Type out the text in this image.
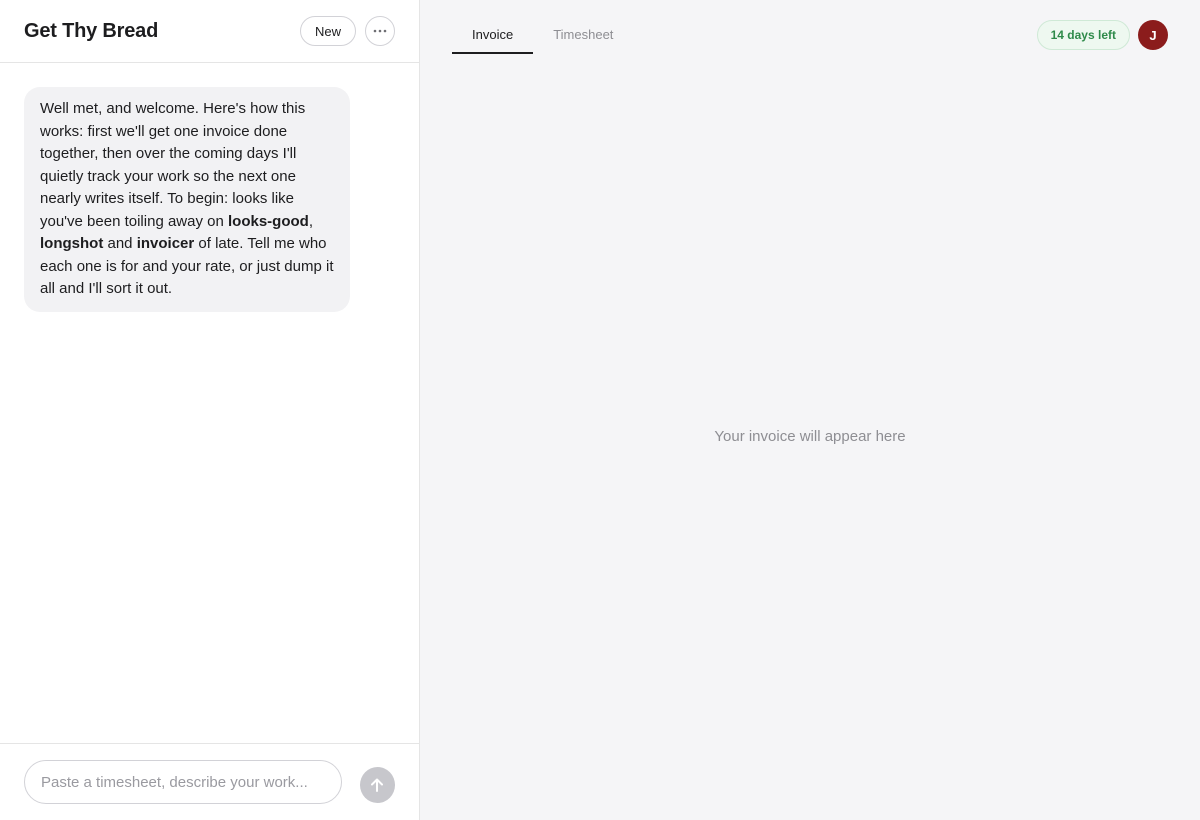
Get Thy Bread	New
Well met, and welcome. Here's how this works: first we'll get one invoice done together, then over the coming days I'll quietly track your work so the next one nearly writes itself. To begin: looks like you've been toiling away on looks-good, longshot and invoicer of late. Tell me who each one is for and your rate, or just dump it all and I'll sort it out.
Paste a timesheet, describe your work...
Invoice	Timesheet	14 days left	J
Your invoice will appear here
